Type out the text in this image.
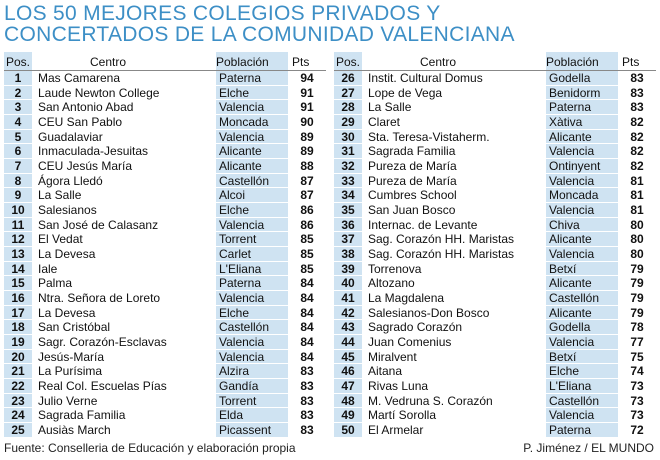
LOS 50 MEJORES COLEGIOS PRIVADOS Y
CONCERTADOS DE LA COMUNIDAD VALENCIANA
Pos.	Centro	Población Pts
1	Mas Camarena	Paterna	94
2	Laude Newton College	Elche	91
3	San Antonio Abad	Valencia	91
4	CEU San Pablo	Moncada	90
5	Guadalaviar	Valencia	89
6	Inmaculada-Jesuitas	Alicante	89
7	CEU Jesús María	Alicante	88
8	Ágora Lledó	Castellón	87
9	La Salle	Alcoi	87
10	Salesianos	Elche	86
11	San José de Calasanz	Valencia	86
12	El Vedat	Torrent	85
13	La Devesa	Carlet	85
14	Iale	L'Eliana	85
15	Palma	Paterna	84
16	Ntra. Señora de Loreto	Valencia	84
17	La Devesa	Elche	84
18	San Cristóbal	Castellón	84
19	Sagr. Corazón-Esclavas	Valencia	84
20	Jesús-María	Valencia	84
21	La Purísima	Alzira	83
22	Real Col. Escuelas Pías	Gandía	83
23	Julio Verne	Torrent	83
24	Sagrada Familia	Elda	83
25	Ausiàs March	Picassent	83
Pos.	Centro	Población Pts
26	Instit. Cultural Domus	Godella	83
27	Lope de Vega	Benidorm	83
28	La Salle	Paterna	83
29	Claret	Xàtiva	82
30	Sta. Teresa-Vistaherm.	Alicante	82
31	Sagrada Familia	Valencia	82
32	Pureza de María	Ontinyent	82
33	Pureza de María	Valencia	81
34	Cumbres School	Moncada	81
35	San Juan Bosco	Valencia	81
36	Internac. de Levante	Chiva	80
37	Sag. Corazón HH. Maristas	Alicante	80
38	Sag. Corazón HH. Maristas	Valencia	80
39	Torrenova	Betxí	79
40	Altozano	Alicante	79
41	La Magdalena	Castellón	79
42	Salesianos-Don Bosco	Alicante	79
43	Sagrado Corazón	Godella	78
44	Juan Comenius	Valencia	77
45	Miralvent	Betxí	75
46	Aitana	Elche	74
47	Rivas Luna	L'Eliana	73
48	M. Vedruna S. Corazón	Castellón	73
49	Martí Sorolla	Valencia	73
50	El Armelar	Paterna	72
Fuente: Conselleria de Educación y elaboración propia	P. Jiménez / EL MUNDO
